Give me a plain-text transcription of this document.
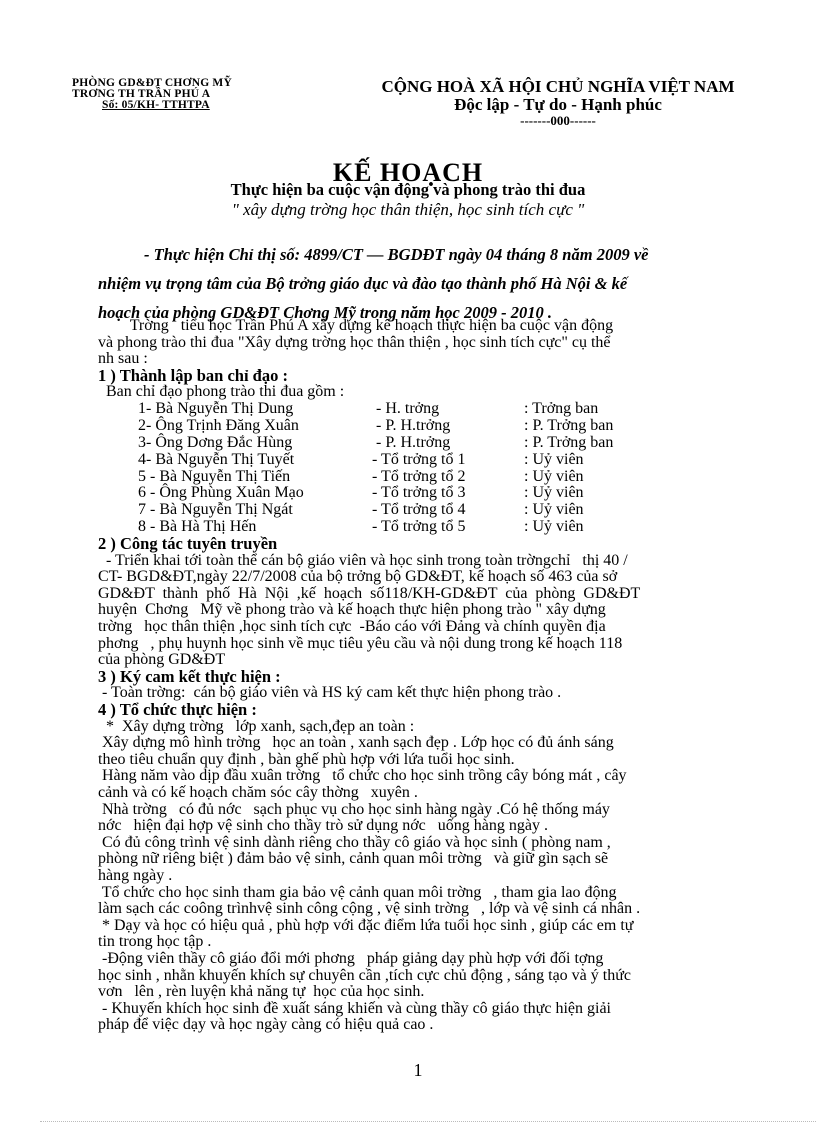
PHÒNG GD&ĐT CHƠNG MỸ
TRƠNG TH TRẦN PHÚ A
Số: 05/KH- TTHTPA
CỘNG HOÀ XÃ HỘI CHỦ NGHĨA VIỆT NAM
Độc lập - Tự do - Hạnh phúc
-------000------
KẾ HOẠCH
Thực hiện ba cuộc vận động và phong trào thi đua
" xây dựng trờng học thân thiện, học sinh tích cực "

- Thực hiện Chỉ thị số: 4899/CT — BGDĐT ngày 04 tháng 8 năm 2009 về

nhiệm vụ trọng tâm của Bộ trởng giáo dục và đào tạo thành phố Hà Nội & kế

hoạch của phòng GD&ĐT Chơng Mỹ trong năm học 2009 - 2010 .

Trờng   tiểu học Trần Phú A xây dựng kế hoạch thực hiện ba cuộc vận động
và phong trào thi đua "Xây dựng trờng học thân thiện , học sinh tích cực" cụ thể
nh sau :
1 ) Thành lập ban chỉ đạo :
Ban chỉ đạo phong trào thi đua gồm :
1- Bà Nguyễn Thị Dung	- H. trởng	: Trởng ban
2- Ông Trịnh Đăng Xuân	- P. H.trởng	: P. Trởng ban
3- Ông Dơng Đắc Hùng	- P. H.trởng	: P. Trởng ban
4- Bà Nguyễn Thị Tuyết	- Tổ trởng tổ 1	: Uỷ viên
5 - Bà Nguyễn Thị Tiến	- Tổ trởng tổ 2	: Uỷ viên
6 - Ông Phùng Xuân Mạo	- Tổ trởng tổ 3	: Uỷ viên
7 - Bà Nguyễn Thị Ngát	- Tổ trởng tổ 4	: Uỷ viên
8 - Bà Hà Thị Hến	- Tổ trởng tổ 5	: Uỷ viên
2 ) Công tác tuyên truyền
- Triển khai tới toàn thể cán bộ giáo viên và học sinh trong toàn trờngchỉ   thị 40 /
CT- BGD&ĐT,ngày 22/7/2008 của bộ trởng bộ GD&ĐT, kế hoạch số 463 của sở
GD&ĐT  thành  phố  Hà  Nội  ,kế  hoạch  số118/KH-GD&ĐT  của  phòng  GD&ĐT
huyện  Chơng   Mỹ về phong trào và kế hoạch thực hiện phong trào " xây dựng
trờng   học thân thiện ,học sinh tích cực  -Báo cáo với Đảng và chính quyền địa
phơng   , phụ huynh học sinh về mục tiêu yêu cầu và nội dung trong kế hoạch 118
của phòng GD&ĐT
3 ) Ký cam kết thực hiện :
- Toàn trờng:  cán bộ giáo viên và HS ký cam kết thực hiện phong trào .
4 ) Tổ chức thực hiện :
*  Xây dựng trờng   lớp xanh, sạch,đẹp an toàn :
Xây dựng mô hình trờng   học an toàn , xanh sạch đẹp . Lớp học có đủ ánh sáng
theo tiêu chuẩn quy định , bàn ghế phù hợp với lứa tuổi học sinh.
Hàng năm vào dịp đầu xuân trờng   tổ chức cho học sinh trồng cây bóng mát , cây
cảnh và có kế hoạch chăm sóc cây thờng   xuyên .
Nhà trờng   có đủ nớc   sạch phục vụ cho học sinh hàng ngày .Có hệ thống máy
nớc   hiện đại hợp vệ sinh cho thầy trò sử dụng nớc   uống hàng ngày .
Có đủ công trình vệ sinh dành riêng cho thầy cô giáo và học sinh ( phòng nam ,
phòng nữ riêng biệt ) đảm bảo vệ sinh, cảnh quan môi trờng   và giữ gìn sạch sẽ
hàng ngày .
Tổ chức cho học sinh tham gia bảo vệ cảnh quan môi trờng   , tham gia lao động
làm sạch các coông trìnhvệ sinh công cộng , vệ sinh trờng   , lớp và vệ sinh cá nhân .
* Dạy và học có hiệu quả , phù hợp với đặc điểm lứa tuổi học sinh , giúp các em tự
tin trong học tập .
-Động viên thầy cô giáo đổi mới phơng   pháp giảng dạy phù hợp với đối tợng
học sinh , nhằn khuyến khích sự chuyên cần ,tích cực chủ động , sáng tạo và ý thức
vơn   lên , rèn luyện khả năng tự  học của học sinh.
- Khuyến khích học sinh đề xuất sáng khiến và cùng thầy cô giáo thực hiện giải
pháp để việc dạy và học ngày càng có hiệu quả cao .
1
